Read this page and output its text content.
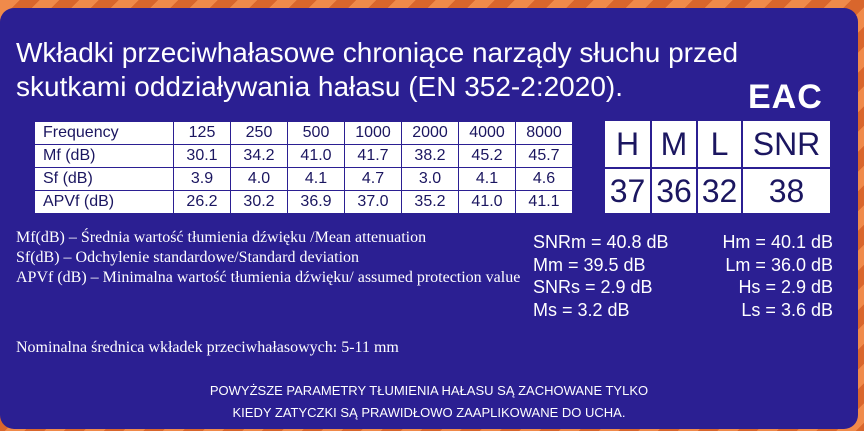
Wkładki przeciwhałasowe chroniące narządy słuchu przed
skutkami oddziaływania hałasu (EN 352-2:2020).	EAC
Frequency	125	250	500	1000	2000	4000	8000
Mf (dB)	30.1	34.2	41.0	41.7	38.2	45.2	45.7
Sf (dB)	3.9	4.0	4.1	4.7	3.0	4.1	4.6
APVf (dB)	26.2	30.2	36.9	37.0	35.2	41.0	41.1
H M L SNR
37 36 32 38
Mf(dB) – Średnia wartość tłumienia dźwięku /Mean attenuation
Sf(dB) – Odchylenie standardowe/Standard deviation
APVf (dB) – Minimalna wartość tłumienia dźwięku/ assumed protection value
Nominalna średnica wkładek przeciwhałasowych: 5-11 mm
SNRm = 40.8 dB	Hm = 40.1 dB
Mm = 39.5 dB	Lm = 36.0 dB
SNRs = 2.9 dB	Hs = 2.9 dB
Ms = 3.2 dB	Ls = 3.6 dB
POWYŻSZE PARAMETRY TŁUMIENIA HAŁASU SĄ ZACHOWANE TYLKO
KIEDY ZATYCZKI SĄ PRAWIDŁOWO ZAAPLIKOWANE DO UCHA.
